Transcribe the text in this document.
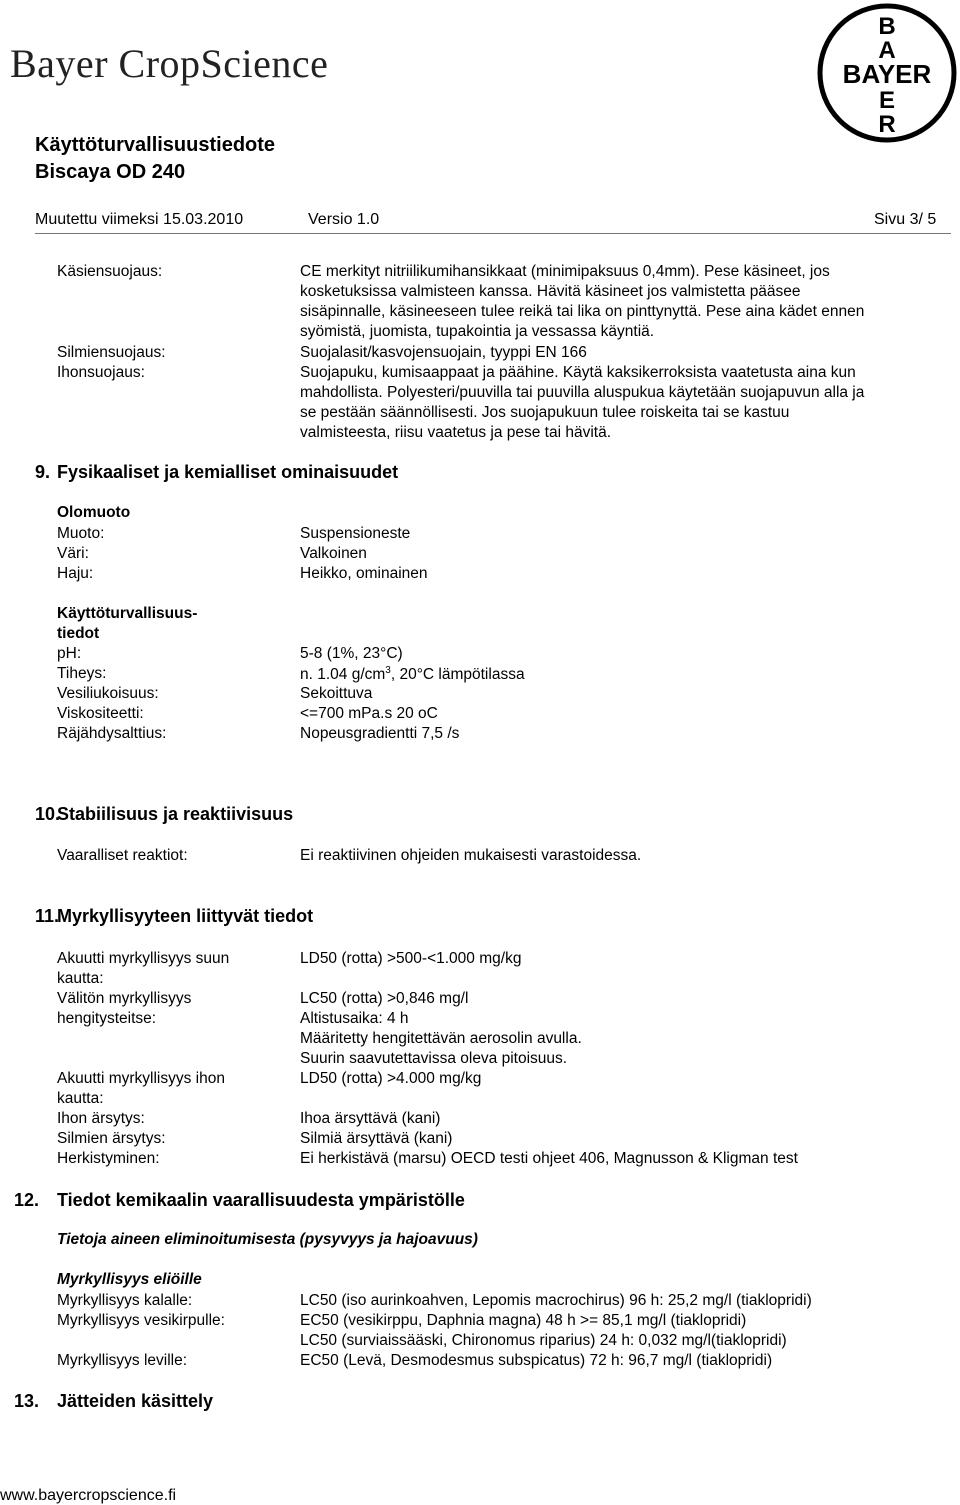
Bayer CropScience
B
A
BAYER
E
R
Käyttöturvallisuustiedote
Biscaya OD 240
Muutettu viimeksi 15.03.2010	Versio 1.0	Sivu 3/ 5
Käsiensuojaus:	CE merkityt nitriilikumihansikkaat (minimipaksuus 0,4mm). Pese käsineet, jos
kosketuksissa valmisteen kanssa. Hävitä käsineet jos valmistetta pääsee
sisäpinnalle, käsineeseen tulee reikä tai lika on pinttynyttä. Pese aina kädet ennen
syömistä, juomista, tupakointia ja vessassa käyntiä.
Silmiensuojaus:	Suojalasit/kasvojensuojain, tyyppi EN 166
Ihonsuojaus:	Suojapuku, kumisaappaat ja päähine. Käytä kaksikerroksista vaatetusta aina kun
mahdollista. Polyesteri/puuvilla tai puuvilla aluspukua käytetään suojapuvun alla ja
se pestään säännöllisesti. Jos suojapukuun tulee roiskeita tai se kastuu
valmisteesta, riisu vaatetus ja pese tai hävitä.
9. Fysikaaliset ja kemialliset ominaisuudet
Olomuoto
Muoto:	Suspensioneste
Väri:	Valkoinen
Haju:	Heikko, ominainen
Käyttöturvallisuus-
tiedot
pH:	5-8 (1%, 23°C)
Tiheys:	n. 1.04 $g/cm^3$, 20°C lämpötilassa
Vesiliukoisuus:	Sekoittuva
Viskositeetti:	<=700 mPa.s 20 oC
Räjähdysalttius:	Nopeusgradientti 7,5 /s
10.
Stabiilisuus ja reaktiivisuus
Vaaralliset reaktiot:	Ei reaktiivinen ohjeiden mukaisesti varastoidessa.
11.
Myrkyllisyyteen liittyvät tiedot
Akuutti myrkyllisyys suun
kautta:
LD50 (rotta) >500-<1.000 mg/kg
Välitön myrkyllisyys
hengitysteitse:
LC50 (rotta) >0,846 mg/l
Altistusaika: 4 h
Määritetty hengitettävän aerosolin avulla.
Suurin saavutettavissa oleva pitoisuus.
Akuutti myrkyllisyys ihon
kautta:
LD50 (rotta) >4.000 mg/kg
Ihon ärsytys:	Ihoa ärsyttävä (kani)
Silmien ärsytys:	Silmiä ärsyttävä (kani)
Herkistyminen:	Ei herkistävä (marsu) OECD testi ohjeet 406, Magnusson & Kligman test
12. Tiedot kemikaalin vaarallisuudesta ympäristölle
Tietoja aineen eliminoitumisesta (pysyvyys ja hajoavuus)
Myrkyllisyys eliöille
Myrkyllisyys kalalle:	LC50 (iso aurinkoahven, Lepomis macrochirus) 96 h: 25,2 mg/l (tiaklopridi)
Myrkyllisyys vesikirpulle:	EC50 (vesikirppu, Daphnia magna) 48 h >= 85,1 mg/l (tiaklopridi)
LC50 (surviaissääski, Chironomus riparius) 24 h: 0,032 mg/l(tiaklopridi)
Myrkyllisyys leville:	EC50 (Levä, Desmodesmus subspicatus) 72 h: 96,7 mg/l (tiaklopridi)
13. Jätteiden käsittely
www.bayercropscience.fi
